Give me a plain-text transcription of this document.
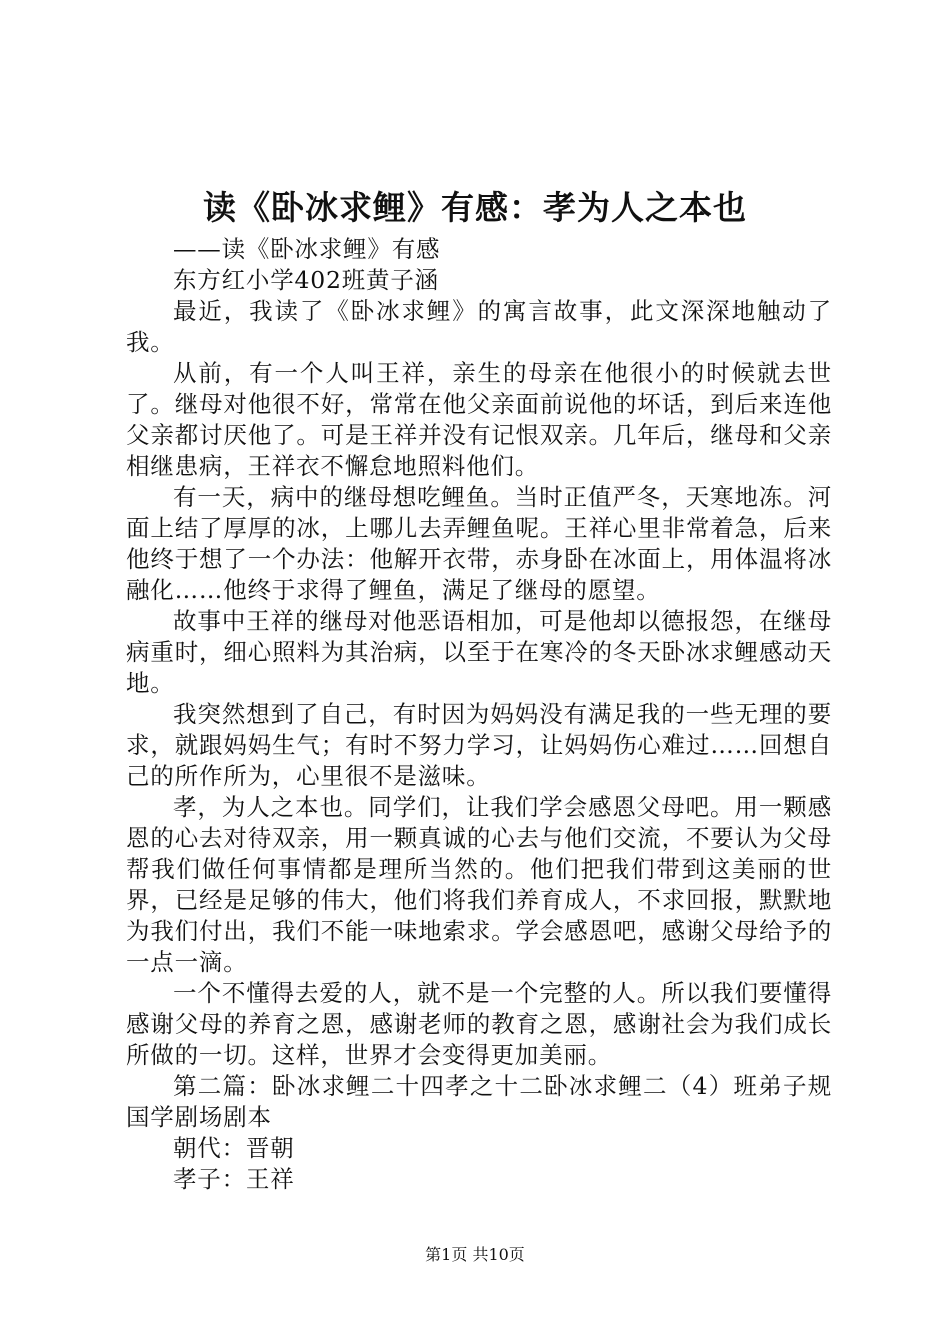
读《卧冰求鲤》有感：孝为人之本也

——读《卧冰求鲤》有感

东方红小学402班黄子涵

最近，我读了《卧冰求鲤》的寓言故事，此文深深地触动了我。

从前，有一个人叫王祥，亲生的母亲在他很小的时候就去世了。继母对他很不好，常常在他父亲面前说他的坏话，到后来连他父亲都讨厌他了。可是王祥并没有记恨双亲。几年后，继母和父亲相继患病，王祥衣不懈怠地照料他们。

有一天，病中的继母想吃鲤鱼。当时正值严冬，天寒地冻。河面上结了厚厚的冰，上哪儿去弄鲤鱼呢。王祥心里非常着急，后来他终于想了一个办法：他解开衣带，赤身卧在冰面上，用体温将冰融化……他终于求得了鲤鱼，满足了继母的愿望。

故事中王祥的继母对他恶语相加，可是他却以德报怨，在继母病重时，细心照料为其治病，以至于在寒冷的冬天卧冰求鲤感动天地。

我突然想到了自己，有时因为妈妈没有满足我的一些无理的要求，就跟妈妈生气；有时不努力学习，让妈妈伤心难过……回想自己的所作所为，心里很不是滋味。

孝，为人之本也。同学们，让我们学会感恩父母吧。用一颗感恩的心去对待双亲，用一颗真诚的心去与他们交流，不要认为父母帮我们做任何事情都是理所当然的。他们把我们带到这美丽的世界，已经是足够的伟大，他们将我们养育成人，不求回报，默默地为我们付出，我们不能一味地索求。学会感恩吧，感谢父母给予的一点一滴。

一个不懂得去爱的人，就不是一个完整的人。所以我们要懂得感谢父母的养育之恩，感谢老师的教育之恩，感谢社会为我们成长所做的一切。这样，世界才会变得更加美丽。

第二篇：卧冰求鲤二十四孝之十二卧冰求鲤二（4）班弟子规国学剧场剧本

朝代：晋朝

孝子：王祥

第1页 共10页
